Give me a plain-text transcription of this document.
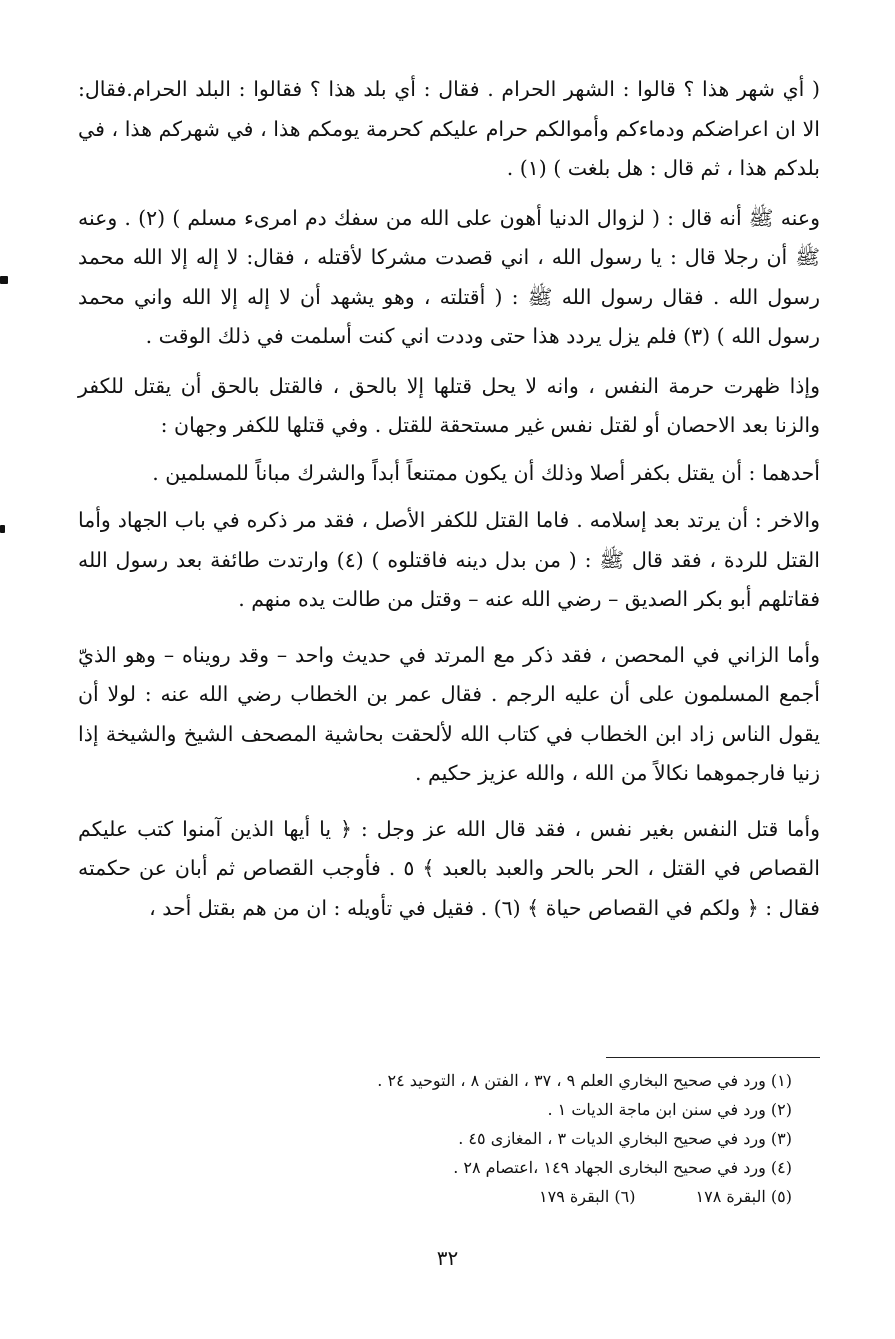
( أي شهر هذا ؟ قالوا : الشهر الحرام . فقال : أي بلد هذا ؟ فقالوا : البلد الحرام.فقال: الا ان اعراضكم ودماءكم وأموالكم حرام عليكم كحرمة يومكم هذا ، في شهركم هذا ، في بلدكم هذا ، ثم قال : هل بلغت ) (١) .

وعنه ﷺ أنه قال : ( لزوال الدنيا أهون على الله من سفك دم امرىء مسلم ) (٢) . وعنه ﷺ أن رجلا قال : يا رسول الله ، اني قصدت مشركا لأقتله ، فقال: لا إله إلا الله محمد رسول الله . فقال رسول الله ﷺ : ( أقتلته ، وهو يشهد أن لا إله إلا الله واني محمد رسول الله ) (٣) فلم يزل يردد هذا حتى وددت اني كنت أسلمت في ذلك الوقت .

وإذا ظهرت حرمة النفس ، وانه لا يحل قتلها إلا بالحق ، فالقتل بالحق أن يقتل للكفر والزنا بعد الاحصان أو لقتل نفس غير مستحقة للقتل . وفي قتلها للكفر وجهان :

أحدهما : أن يقتل بكفر أصلا وذلك أن يكون ممتنعاً أبداً والشرك مباناً للمسلمين .

والاخر : أن يرتد بعد إسلامه . فاما القتل للكفر الأصل ، فقد مر ذكره في باب الجهاد وأما القتل للردة ، فقد قال ﷺ : ( من بدل دينه فاقتلوه ) (٤) وارتدت طائفة بعد رسول الله فقاتلهم أبو بكر الصديق – رضي الله عنه – وقتل من طالت يده منهم .

وأما الزاني في المحصن ، فقد ذكر مع المرتد في حديث واحد – وقد رويناه – وهو الذيّ أجمع المسلمون على أن عليه الرجم . فقال عمر بن الخطاب رضي الله عنه : لولا أن يقول الناس زاد ابن الخطاب في كتاب الله لألحقت بحاشية المصحف الشيخ والشيخة إذا زنيا فارجموهما نكالاً من الله ، والله عزيز حكيم .

وأما قتل النفس بغير نفس ، فقد قال الله عز وجل : ﴿ يا أيها الذين آمنوا كتب عليكم القصاص في القتل ، الحر بالحر والعبد بالعبد ﴾ ٥ . فأوجب القصاص ثم أبان عن حكمته فقال : ﴿ ولكم في القصاص حياة ﴾ (٦) . فقيل في تأويله : ان من هم بقتل أحد ،

(١) ورد في صحيح البخاري العلم ٩ ، ٣٧ ، الفتن ٨ ، التوحيد ٢٤ .
(٢) ورد في سنن ابن ماجة الديات ١ .
(٣) ورد في صحيح البخاري الديات ٣ ، المغازى ٤٥ .
(٤) ورد في صحيح البخارى الجهاد ١٤٩ ،اعتصام ٢٨ .
(٥) البقرة ١٧٨
(٦) البقرة ١٧٩
٣٢
